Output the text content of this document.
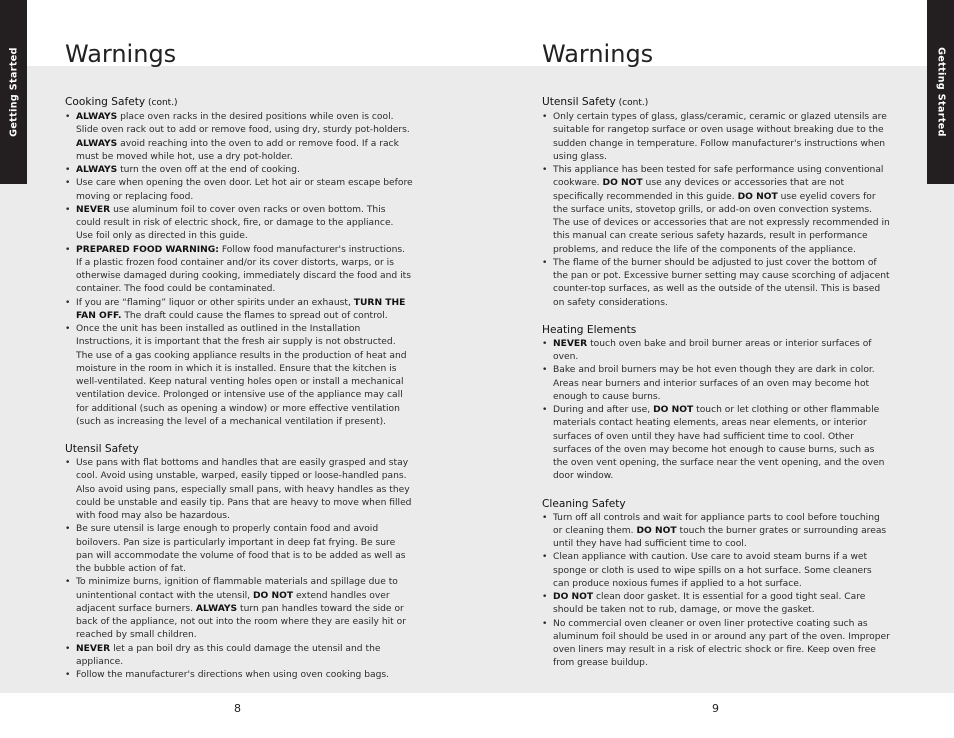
Getting Started	Getting Started
Warnings	Warnings
Cooking Safety (cont.)
• ALWAYS place oven racks in the desired positions while oven is cool. Slide oven rack out to add or remove food, using dry, sturdy pot-holders. ALWAYS avoid reaching into the oven to add or remove food. If a rack must be moved while hot, use a dry pot-holder.
• ALWAYS turn the oven off at the end of cooking.
• Use care when opening the oven door. Let hot air or steam escape before moving or replacing food.
• NEVER use aluminum foil to cover oven racks or oven bottom. This could result in risk of electric shock, fire, or damage to the appliance. Use foil only as directed in this guide.
• PREPARED FOOD WARNING: Follow food manufacturer's instructions. If a plastic frozen food container and/or its cover distorts, warps, or is otherwise damaged during cooking, immediately discard the food and its container. The food could be contaminated.
• If you are “flaming” liquor or other spirits under an exhaust, TURN THE FAN OFF. The draft could cause the flames to spread out of control.
• Once the unit has been installed as outlined in the Installation Instructions, it is important that the fresh air supply is not obstructed. The use of a gas cooking appliance results in the production of heat and moisture in the room in which it is installed. Ensure that the kitchen is well-ventilated. Keep natural venting holes open or install a mechanical ventilation device. Prolonged or intensive use of the appliance may call for additional (such as opening a window) or more effective ventilation (such as increasing the level of a mechanical ventilation if present).
Utensil Safety
• Use pans with flat bottoms and handles that are easily grasped and stay cool. Avoid using unstable, warped, easily tipped or loose-handled pans. Also avoid using pans, especially small pans, with heavy handles as they could be unstable and easily tip. Pans that are heavy to move when filled with food may also be hazardous.
• Be sure utensil is large enough to properly contain food and avoid boilovers. Pan size is particularly important in deep fat frying. Be sure pan will accommodate the volume of food that is to be added as well as the bubble action of fat.
• To minimize burns, ignition of flammable materials and spillage due to unintentional contact with the utensil, DO NOT extend handles over adjacent surface burners. ALWAYS turn pan handles toward the side or back of the appliance, not out into the room where they are easily hit or reached by small children.
• NEVER let a pan boil dry as this could damage the utensil and the appliance.
• Follow the manufacturer's directions when using oven cooking bags.
Utensil Safety (cont.)
• Only certain types of glass, glass/ceramic, ceramic or glazed utensils are suitable for rangetop surface or oven usage without breaking due to the sudden change in temperature. Follow manufacturer's instructions when using glass.
• This appliance has been tested for safe performance using conventional cookware. DO NOT use any devices or accessories that are not specifically recommended in this guide. DO NOT use eyelid covers for the surface units, stovetop grills, or add-on oven convection systems. The use of devices or accessories that are not expressly recommended in this manual can create serious safety hazards, result in performance problems, and reduce the life of the components of the appliance.
• The flame of the burner should be adjusted to just cover the bottom of the pan or pot. Excessive burner setting may cause scorching of adjacent counter-top surfaces, as well as the outside of the utensil. This is based on safety considerations.
Heating Elements
• NEVER touch oven bake and broil burner areas or interior surfaces of oven.
• Bake and broil burners may be hot even though they are dark in color. Areas near burners and interior surfaces of an oven may become hot enough to cause burns.
• During and after use, DO NOT touch or let clothing or other flammable materials contact heating elements, areas near elements, or interior surfaces of oven until they have had sufficient time to cool. Other surfaces of the oven may become hot enough to cause burns, such as the oven vent opening, the surface near the vent opening, and the oven door window.
Cleaning Safety
• Turn off all controls and wait for appliance parts to cool before touching or cleaning them. DO NOT touch the burner grates or surrounding areas until they have had sufficient time to cool.
• Clean appliance with caution. Use care to avoid steam burns if a wet sponge or cloth is used to wipe spills on a hot surface. Some cleaners can produce noxious fumes if applied to a hot surface.
• DO NOT clean door gasket. It is essential for a good tight seal. Care should be taken not to rub, damage, or move the gasket.
• No commercial oven cleaner or oven liner protective coating such as aluminum foil should be used in or around any part of the oven. Improper oven liners may result in a risk of electric shock or fire. Keep oven free from grease buildup.
8	9
